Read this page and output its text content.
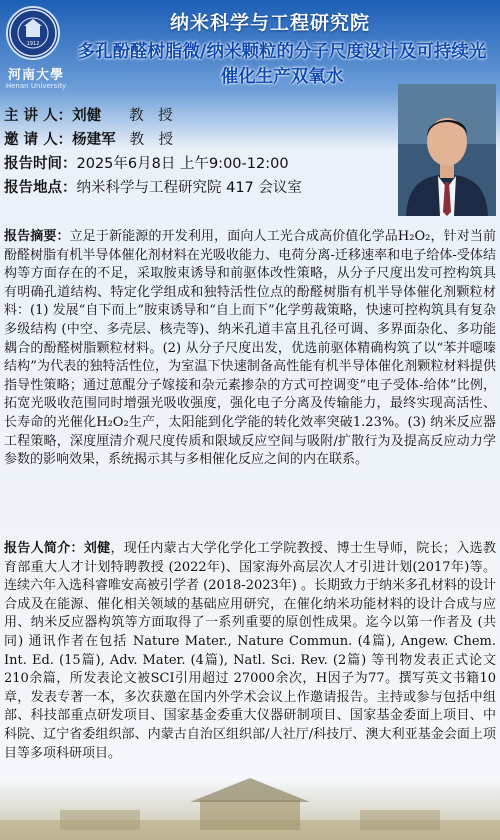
1912
河南大學
Henan University
纳米科学与工程研究院
多孔酚醛树脂微/纳米颗粒的分子尺度设计及可持续光催化生产双氧水
主 讲 人：刘健 教　授
邀 请 人：杨建军 教　授
报告时间：2025年6月8日 上午9:00-12:00
报告地点：纳米科学与工程研究院 417 会议室
报告摘要：立足于新能源的开发利用，面向人工光合成高价值化学品H₂O₂，针对当前酚醛树脂有机半导体催化剂材料在光吸收能力、电荷分离-迁移速率和电子给体-受体结构等方面存在的不足，采取胺束诱导和前驱体改性策略，从分子尺度出发可控构筑具有明确孔道结构、特定化学组成和独特活性位点的酚醛树脂有机半导体催化剂颗粒材料：(1) 发展“自下而上”胺束诱导和“自上而下”化学剪裁策略，快速可控构筑具有复杂多级结构 (中空、多壳层、核壳等)、纳米孔道丰富且孔径可调、多界面杂化、多功能耦合的酚醛树脂颗粒材料。(2) 从分子尺度出发，优选前驱体精确构筑了以“苯并噁嗪结构”为代表的独特活性位，为室温下快速制备高性能有机半导体催化剂颗粒材料提供指导性策略；通过葸醌分子嫁接和杂元素掺杂的方式可控调变“电子受体-给体”比例，拓宽光吸收范围同时增强光吸收强度，强化电子分离及传输能力，最终实现高活性、长寿命的光催化H₂O₂生产，太阳能到化学能的转化效率突破1.23%。(3) 纳米反应器工程策略，深度厘清介观尺度传质和限域反应空间与吸附/扩散行为及提高反应动力学参数的影响效果，系统揭示其与多相催化反应之间的内在联系。
报告人简介：刘健，现任内蒙古大学化学化工学院教授、博士生导师，院长；入选教育部重大人才计划特聘教授 (2022年)、国家海外高层次人才引进计划(2017年)等。连续六年入选科睿唯安高被引学者 (2018-2023年) 。长期致力于纳米多孔材料的设计合成及在能源、催化相关领域的基础应用研究，在催化纳米功能材料的设计合成与应用、纳米反应器构筑等方面取得了一系列重要的原创性成果。迄今以第一作者及 (共同) 通讯作者在包括 Nature Mater., Nature Commun. (4篇), Angew. Chem. Int. Ed. (15篇), Adv. Mater. (4篇), Natl. Sci. Rev. (2篇) 等刊物发表正式论文210余篇，所发表论文被SCI引用超过 27000余次，H因子为77。撰写英文书籍10章，发表专著一本，多次获邀在国内外学术会议上作邀请报告。主持或参与包括中组部、科技部重点研发项目、国家基金委重大仪器研制项目、国家基金委面上项目、中科院、辽宁省委组织部、内蒙古自治区组织部/人社厅/科技厅、澳大利亚基金会面上项目等多项科研项目。
